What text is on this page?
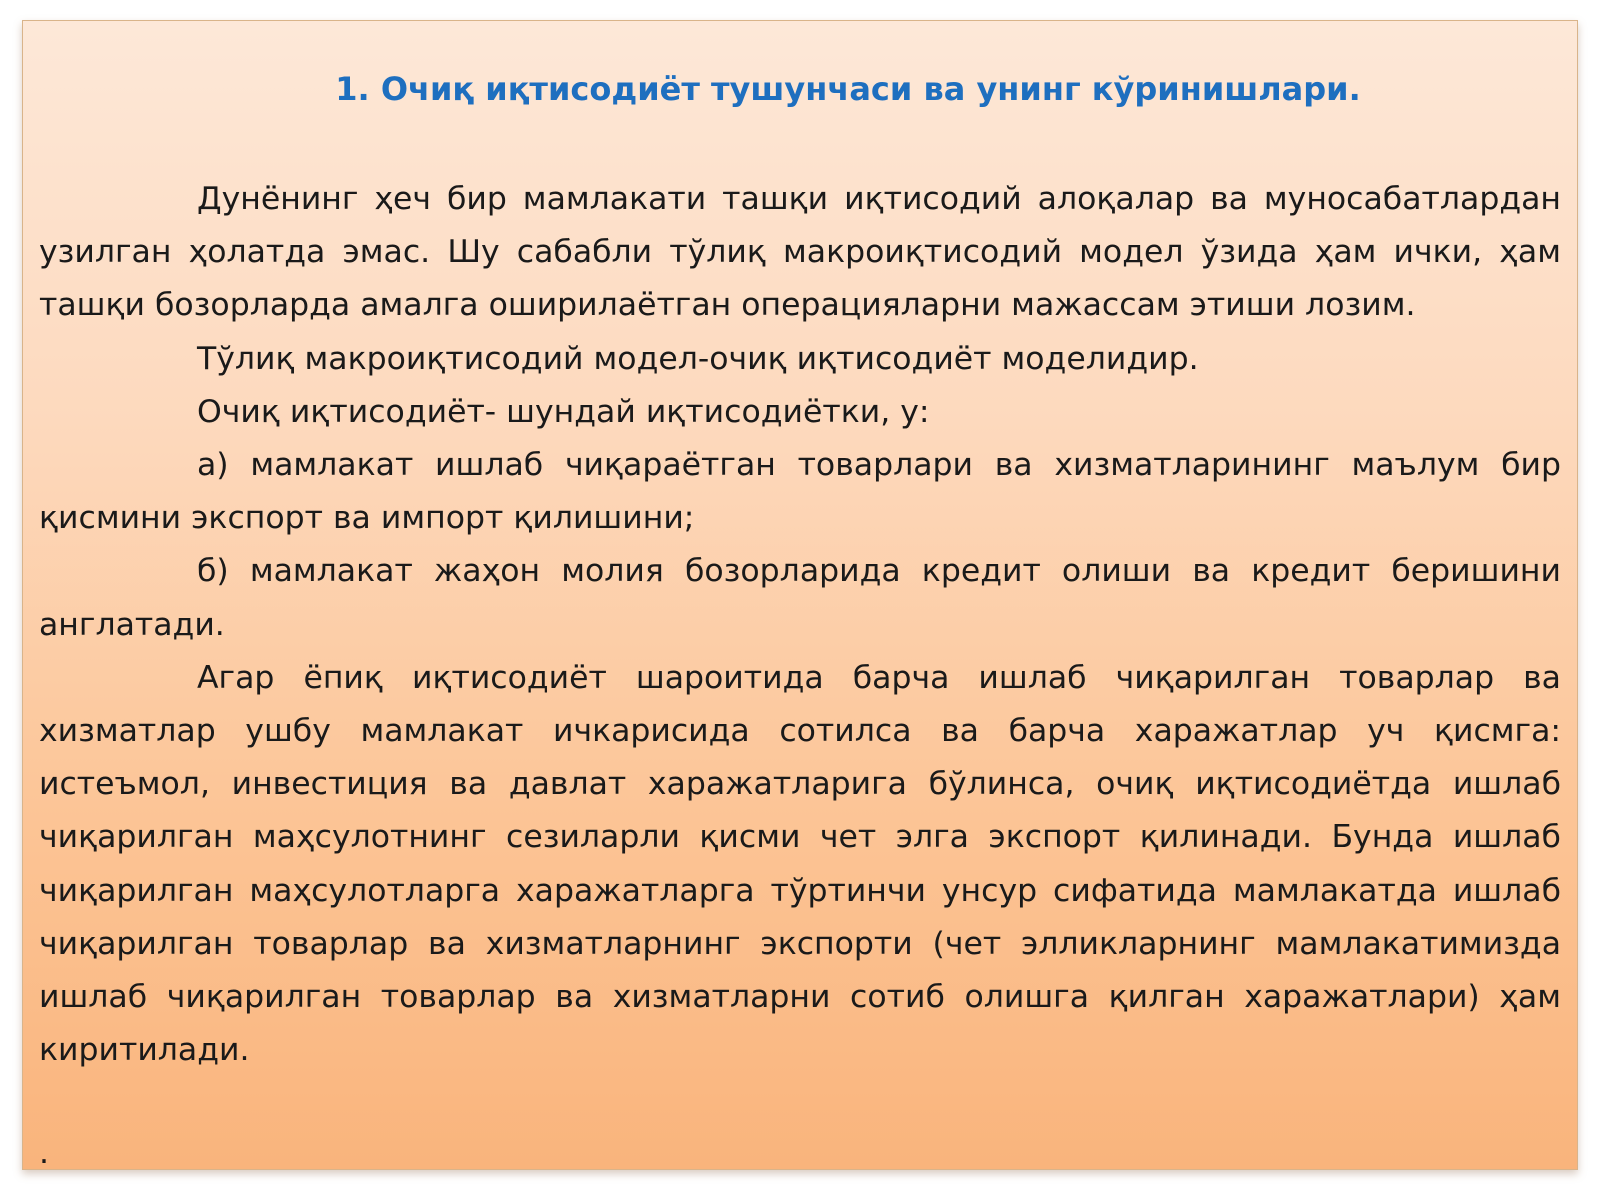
1. Очиқ иқтисодиёт тушунчаси ва унинг кўринишлари.

Дунёнинг ҳеч бир мамлакати ташқи иқтисодий алоқалар ва муносабатлардан узилган ҳолатда эмас. Шу сабабли тўлиқ макроиқтисодий модел ўзида ҳам ички, ҳам ташқи бозорларда амалга оширилаётган операцияларни мажассам этиши лозим.

Тўлиқ макроиқтисодий модел-очиқ иқтисодиёт моделидир.

Очиқ иқтисодиёт- шундай иқтисодиётки, у:

а) мамлакат ишлаб чиқараётган товарлари ва хизматларининг маълум бир қисмини экспорт ва импорт қилишини;

б) мамлакат жаҳон молия бозорларида кредит олиши ва кредит беришини англатади.

Агар ёпиқ иқтисодиёт шароитида барча ишлаб чиқарилган товарлар ва хизматлар ушбу мамлакат ичкарисида сотилса ва барча харажатлар уч қисмга: истеъмол, инвестиция ва давлат харажатларига бўлинса, очиқ иқтисодиётда ишлаб чиқарилган маҳсулотнинг сезиларли қисми чет элга экспорт қилинади. Бунда ишлаб чиқарилган маҳсулотларга харажатларга тўртинчи унсур сифатида мамлакатда ишлаб чиқарилган товарлар ва хизматларнинг экспорти (чет элликларнинг мамлакатимизда ишлаб чиқарилган товарлар ва хизматларни сотиб олишга қилган харажатлари) ҳам киритилади.

.
